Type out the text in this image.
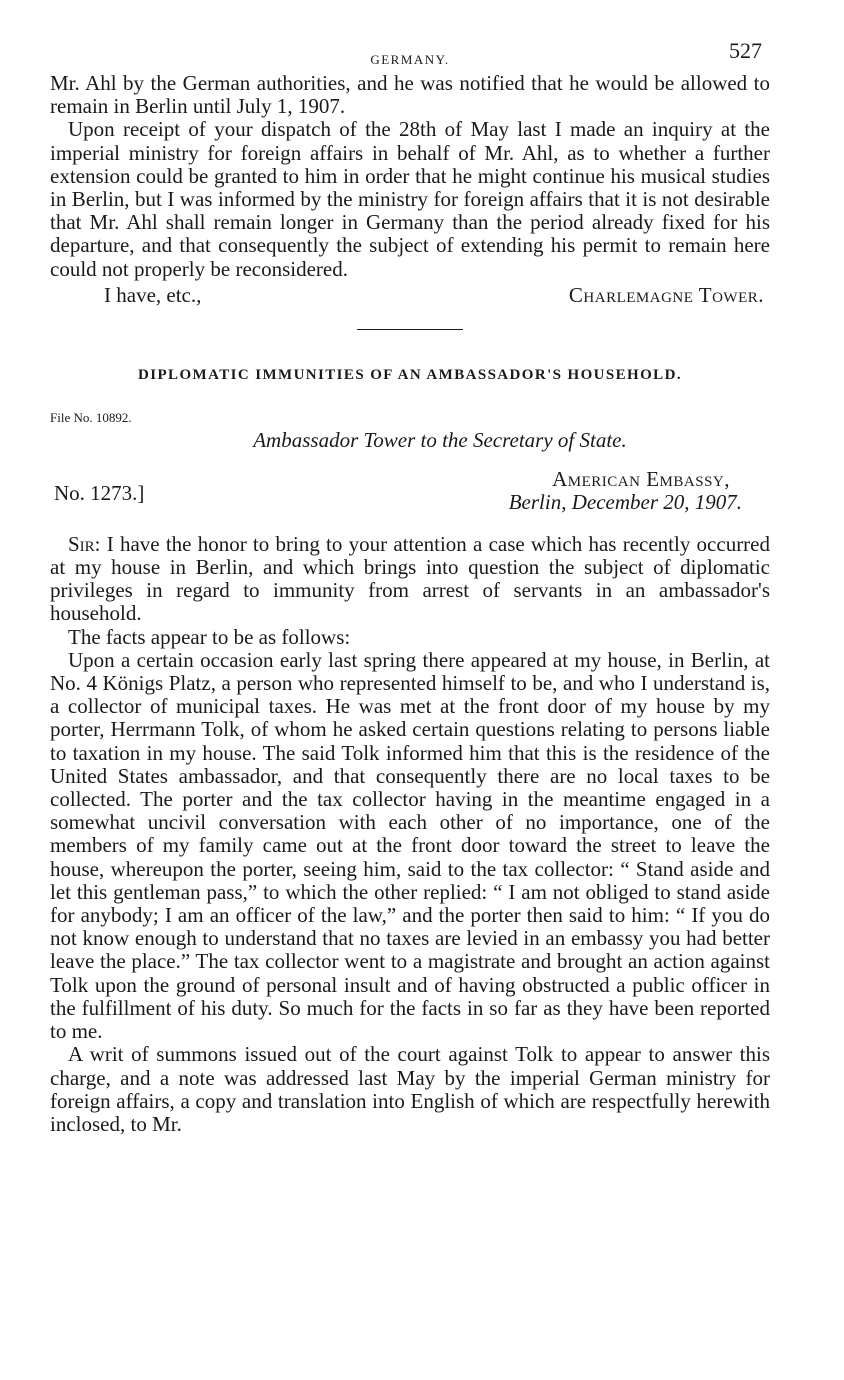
GERMANY.	527

Mr. Ahl by the German authorities, and he was notified that he would be allowed to remain in Berlin until July 1, 1907.

Upon receipt of your dispatch of the 28th of May last I made an inquiry at the imperial ministry for foreign affairs in behalf of Mr. Ahl, as to whether a further extension could be granted to him in order that he might continue his musical studies in Berlin, but I was informed by the ministry for foreign affairs that it is not desirable that Mr. Ahl shall remain longer in Germany than the period already fixed for his departure, and that consequently the subject of extending his permit to remain here could not properly be reconsidered.

I have, etc.,	Charlemagne Tower.
DIPLOMATIC IMMUNITIES OF AN AMBASSADOR'S HOUSEHOLD.
File No. 10892.
Ambassador Tower to the Secretary of State.
No. 1273.]
American Embassy,
Berlin, December 20, 1907.

Sir: I have the honor to bring to your attention a case which has recently occurred at my house in Berlin, and which brings into question the subject of diplomatic privileges in regard to immunity from arrest of servants in an ambassador's household.

The facts appear to be as follows:

Upon a certain occasion early last spring there appeared at my house, in Berlin, at No. 4 Königs Platz, a person who represented himself to be, and who I understand is, a collector of municipal taxes. He was met at the front door of my house by my porter, Herrmann Tolk, of whom he asked certain questions relating to persons liable to taxation in my house. The said Tolk informed him that this is the residence of the United States ambassador, and that consequently there are no local taxes to be collected. The porter and the tax collector having in the meantime engaged in a somewhat uncivil conversation with each other of no importance, one of the members of my family came out at the front door toward the street to leave the house, whereupon the porter, seeing him, said to the tax collector: “ Stand aside and let this gentleman pass,” to which the other replied: “ I am not obliged to stand aside for anybody; I am an officer of the law,” and the porter then said to him: “ If you do not know enough to understand that no taxes are levied in an embassy you had better leave the place.” The tax collector went to a magistrate and brought an action against Tolk upon the ground of personal insult and of having obstructed a public officer in the fulfillment of his duty. So much for the facts in so far as they have been reported to me.

A writ of summons issued out of the court against Tolk to appear to answer this charge, and a note was addressed last May by the imperial German ministry for foreign affairs, a copy and translation into English of which are respectfully herewith inclosed, to Mr.
